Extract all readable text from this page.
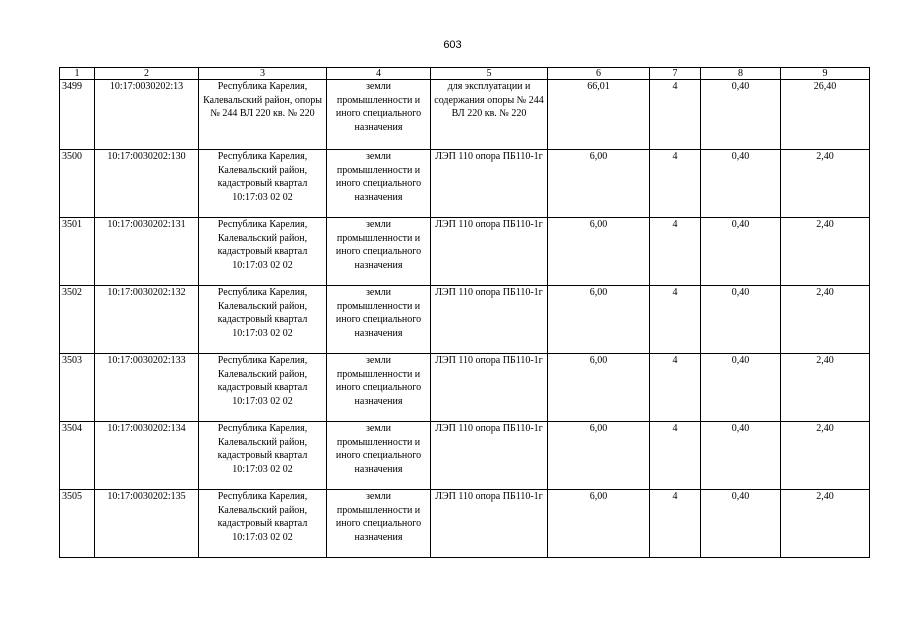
603
1	2	3	4	5	6	7	8	9
3499	10:17:0030202:13	Республика Карелия, Калевальский район, опоры № 244 ВЛ 220 кв. № 220	земли промышленности и иного специального назначения	для эксплуатации и содержания опоры № 244 ВЛ 220 кв. № 220	66,01	4	0,40	26,40
3500	10:17:0030202:130	Республика Карелия, Калевальский район, кадастровый квартал 10:17:03 02 02	земли промышленности и иного специального назначения	ЛЭП 110 опора ПБ110-1г	6,00	4	0,40	2,40
3501	10:17:0030202:131	Республика Карелия, Калевальский район, кадастровый квартал 10:17:03 02 02	земли промышленности и иного специального назначения	ЛЭП 110 опора ПБ110-1г	6,00	4	0,40	2,40
3502	10:17:0030202:132	Республика Карелия, Калевальский район, кадастровый квартал 10:17:03 02 02	земли промышленности и иного специального назначения	ЛЭП 110 опора ПБ110-1г	6,00	4	0,40	2,40
3503	10:17:0030202:133	Республика Карелия, Калевальский район, кадастровый квартал 10:17:03 02 02	земли промышленности и иного специального назначения	ЛЭП 110 опора ПБ110-1г	6,00	4	0,40	2,40
3504	10:17:0030202:134	Республика Карелия, Калевальский район, кадастровый квартал 10:17:03 02 02	земли промышленности и иного специального назначения	ЛЭП 110 опора ПБ110-1г	6,00	4	0,40	2,40
3505	10:17:0030202:135	Республика Карелия, Калевальский район, кадастровый квартал 10:17:03 02 02	земли промышленности и иного специального назначения	ЛЭП 110 опора ПБ110-1г	6,00	4	0,40	2,40
